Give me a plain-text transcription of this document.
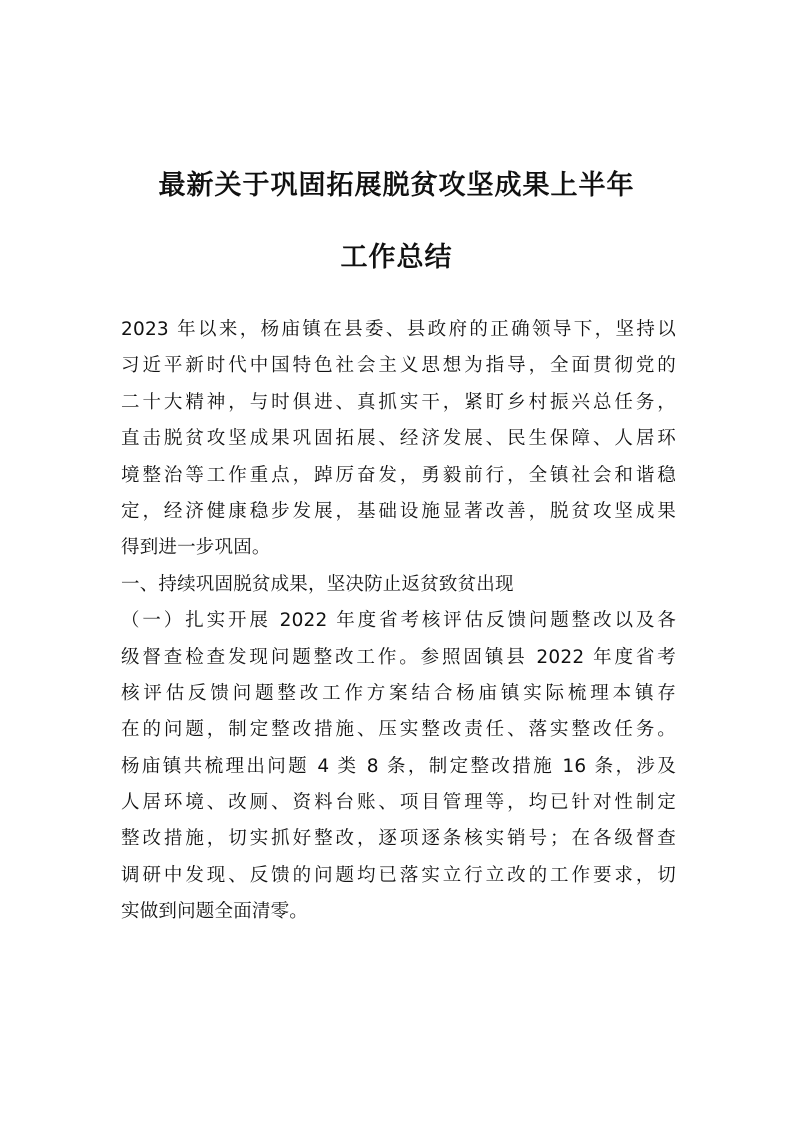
最新关于巩固拓展脱贫攻坚成果上半年
工作总结
2023 年以来，杨庙镇在县委、县政府的正确领导下，坚持以
习近平新时代中国特色社会主义思想为指导，全面贯彻党的
二十大精神，与时俱进、真抓实干，紧盯乡村振兴总任务，
直击脱贫攻坚成果巩固拓展、经济发展、民生保障、人居环
境整治等工作重点，踔厉奋发，勇毅前行，全镇社会和谐稳
定，经济健康稳步发展，基础设施显著改善，脱贫攻坚成果
得到进一步巩固。
一、持续巩固脱贫成果，坚决防止返贫致贫出现
（一）扎实开展 2022 年度省考核评估反馈问题整改以及各
级督查检查发现问题整改工作。参照固镇县 2022 年度省考
核评估反馈问题整改工作方案结合杨庙镇实际梳理本镇存
在的问题，制定整改措施、压实整改责任、落实整改任务。
杨庙镇共梳理出问题 4 类 8 条，制定整改措施 16 条，涉及
人居环境、改厕、资料台账、项目管理等，均已针对性制定
整改措施，切实抓好整改，逐项逐条核实销号；在各级督查
调研中发现、反馈的问题均已落实立行立改的工作要求，切
实做到问题全面清零。
